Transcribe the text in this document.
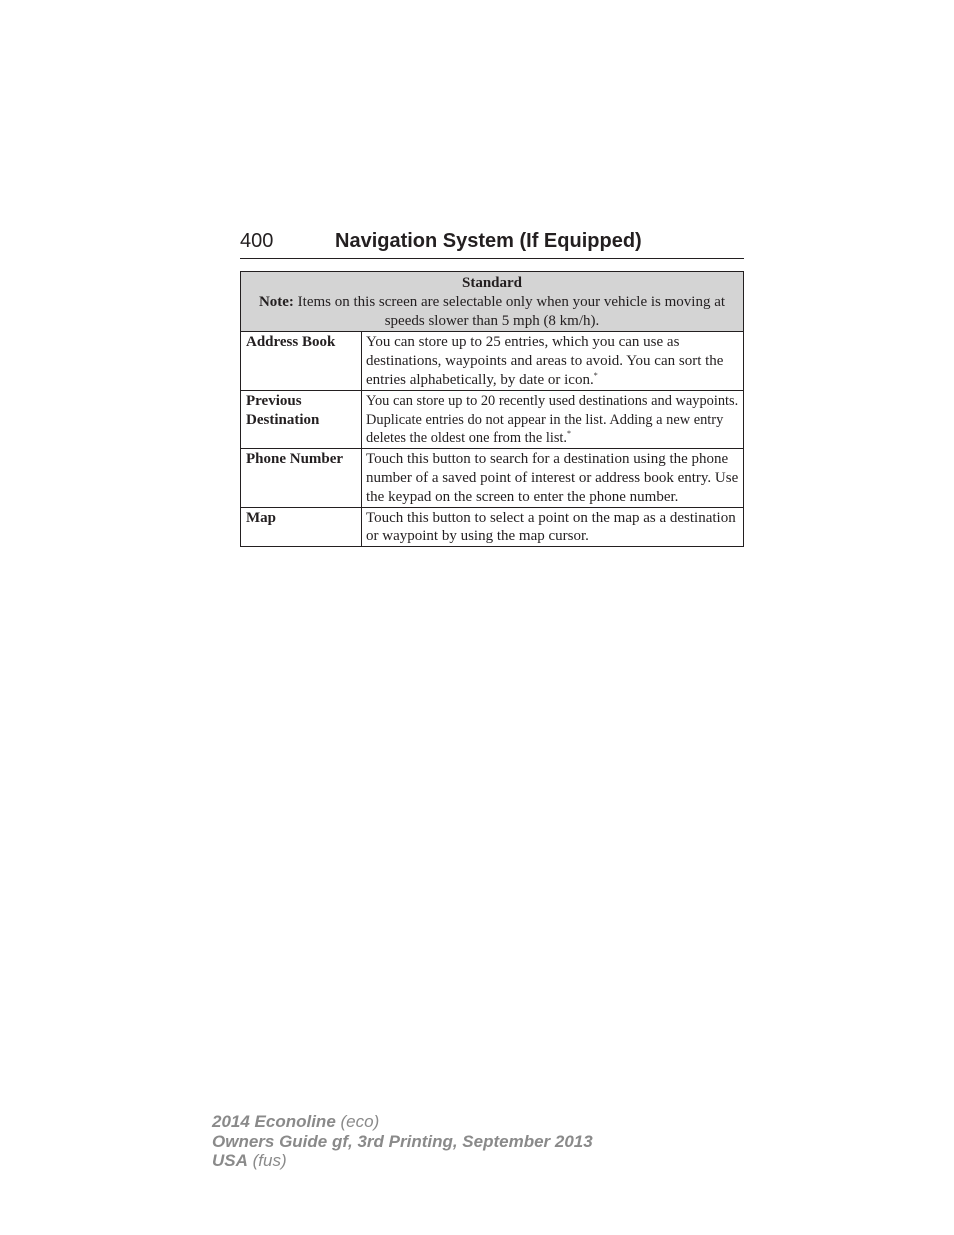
400	Navigation System (If Equipped)
Standard
Note: Items on this screen are selectable only when your vehicle is moving at speeds slower than 5 mph (8 km/h).	
Address Book	You can store up to 25 entries, which you can use as destinations, waypoints and areas to avoid. You can sort the entries alphabetically, by date or icon.*
Previous Destination	You can store up to 20 recently used destinations and waypoints. Duplicate entries do not appear in the list. Adding a new entry deletes the oldest one from the list.*
Phone Number	Touch this button to search for a destination using the phone number of a saved point of interest or address book entry. Use the keypad on the screen to enter the phone number.
Map	Touch this button to select a point on the map as a destination or waypoint by using the map cursor.
2014 Econoline (eco)
Owners Guide gf, 3rd Printing, September 2013
USA (fus)
